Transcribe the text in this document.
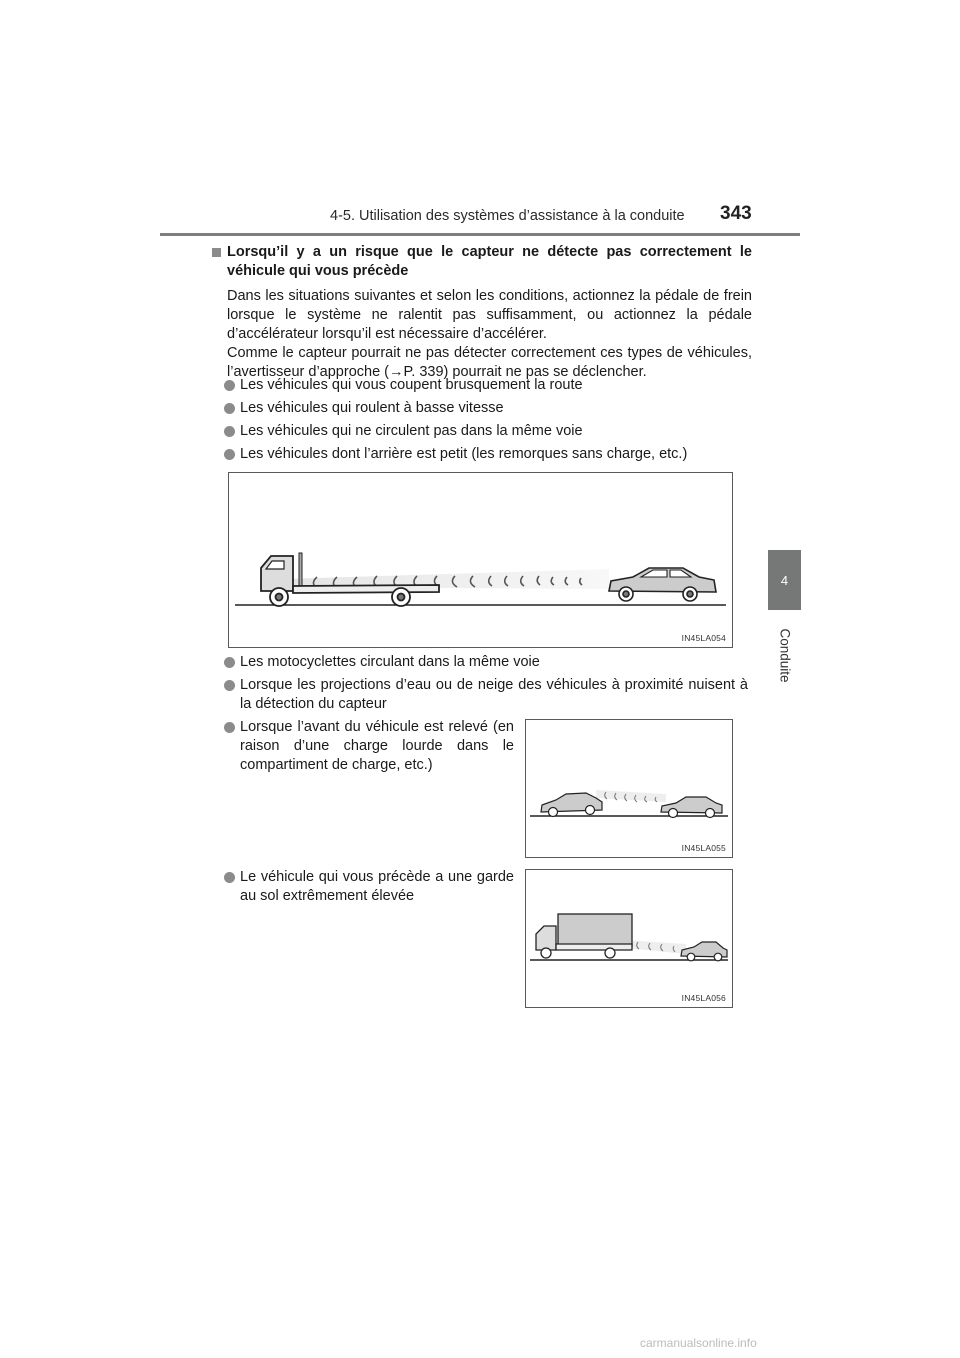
4-5. Utilisation des systèmes d’assistance à la conduite 343
4
Conduite
Lorsqu’il y a un risque que le capteur ne détecte pas correctement le véhicule qui vous précède
Dans les situations suivantes et selon les conditions, actionnez la pédale de frein lorsque le système ne ralentit pas suffisamment, ou actionnez la pédale d’accélérateur lorsqu’il est nécessaire d’accélérer.
Comme le capteur pourrait ne pas détecter correctement ces types de véhicules, l’avertisseur d’approche (→P. 339) pourrait ne pas se déclencher.
Les véhicules qui vous coupent brusquement la route
Les véhicules qui roulent à basse vitesse
Les véhicules qui ne circulent pas dans la même voie
Les véhicules dont l’arrière est petit (les remorques sans charge, etc.)
IN45LA054
Les motocyclettes circulant dans la même voie
Lorsque les projections d’eau ou de neige des véhicules à proximité nuisent à la détection du capteur
Lorsque l’avant du véhicule est relevé (en raison d’une charge lourde dans le compartiment de charge, etc.)
IN45LA055
Le véhicule qui vous précède a une garde au sol extrêmement élevée
IN45LA056
carmanualsonline.info
